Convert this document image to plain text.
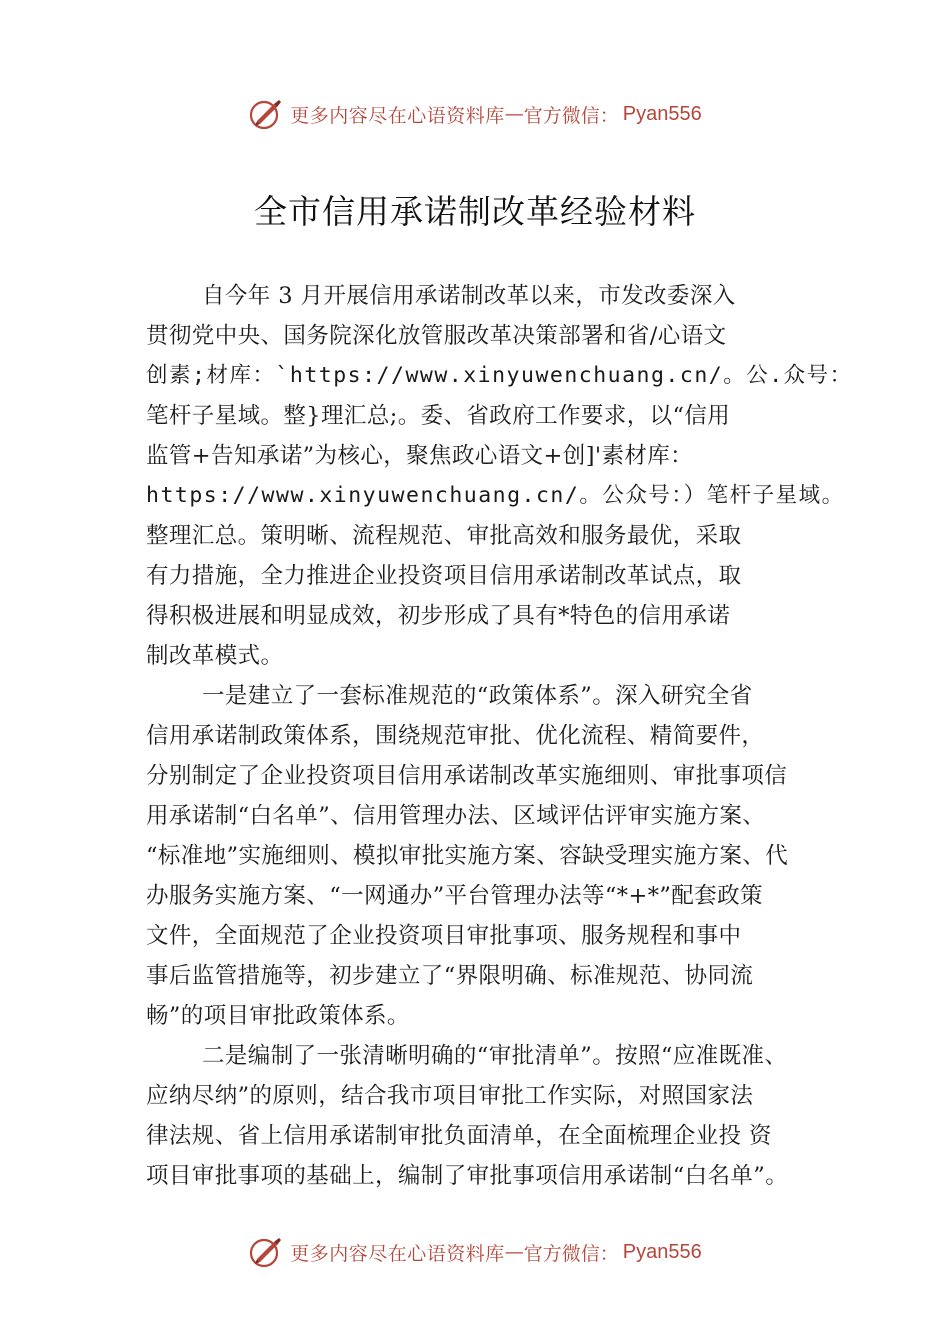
更多内容尽在心语资料库 — 官方微信： Pyan556
全市信用承诺制改革经验材料
自今年 3 月开展信用承诺制改革以来，市发改委深入
贯彻党中央、国务院深化放管服改革决策部署和省/心语文
创素;材库：`https://www.xinyuwenchuang.cn/。公.众号：
笔杆子星域。整}理汇总;。委、省政府工作要求，以“信用
监管+告知承诺”为核心，聚焦政心语文+创]'素材库：
https://www.xinyuwenchuang.cn/。公众号：）笔杆子星域。
整理汇总。策明晰、流程规范、审批高效和服务最优，采取
有力措施，全力推进企业投资项目信用承诺制改革试点，取
得积极进展和明显成效，初步形成了具有*特色的信用承诺
制改革模式。
一是建立了一套标准规范的“政策体系”。深入研究全省
信用承诺制政策体系，围绕规范审批、优化流程、精简要件，
分别制定了企业投资项目信用承诺制改革实施细则、审批事项信
用承诺制“白名单”、信用管理办法、区域评估评审实施方案、
“标准地”实施细则、模拟审批实施方案、容缺受理实施方案、代
办服务实施方案、“一网通办”平台管理办法等“*+*”配套政策
文件，全面规范了企业投资项目审批事项、服务规程和事中
事后监管措施等，初步建立了“界限明确、标准规范、协同流
畅”的项目审批政策体系。
二是编制了一张清晰明确的“审批清单”。按照“应准既准、
应纳尽纳”的原则，结合我市项目审批工作实际，对照国家法
律法规、省上信用承诺制审批负面清单，在全面梳理企业投 资
项目审批事项的基础上，编制了审批事项信用承诺制“白名单”。
更多内容尽在心语资料库 — 官方微信： Pyan556
